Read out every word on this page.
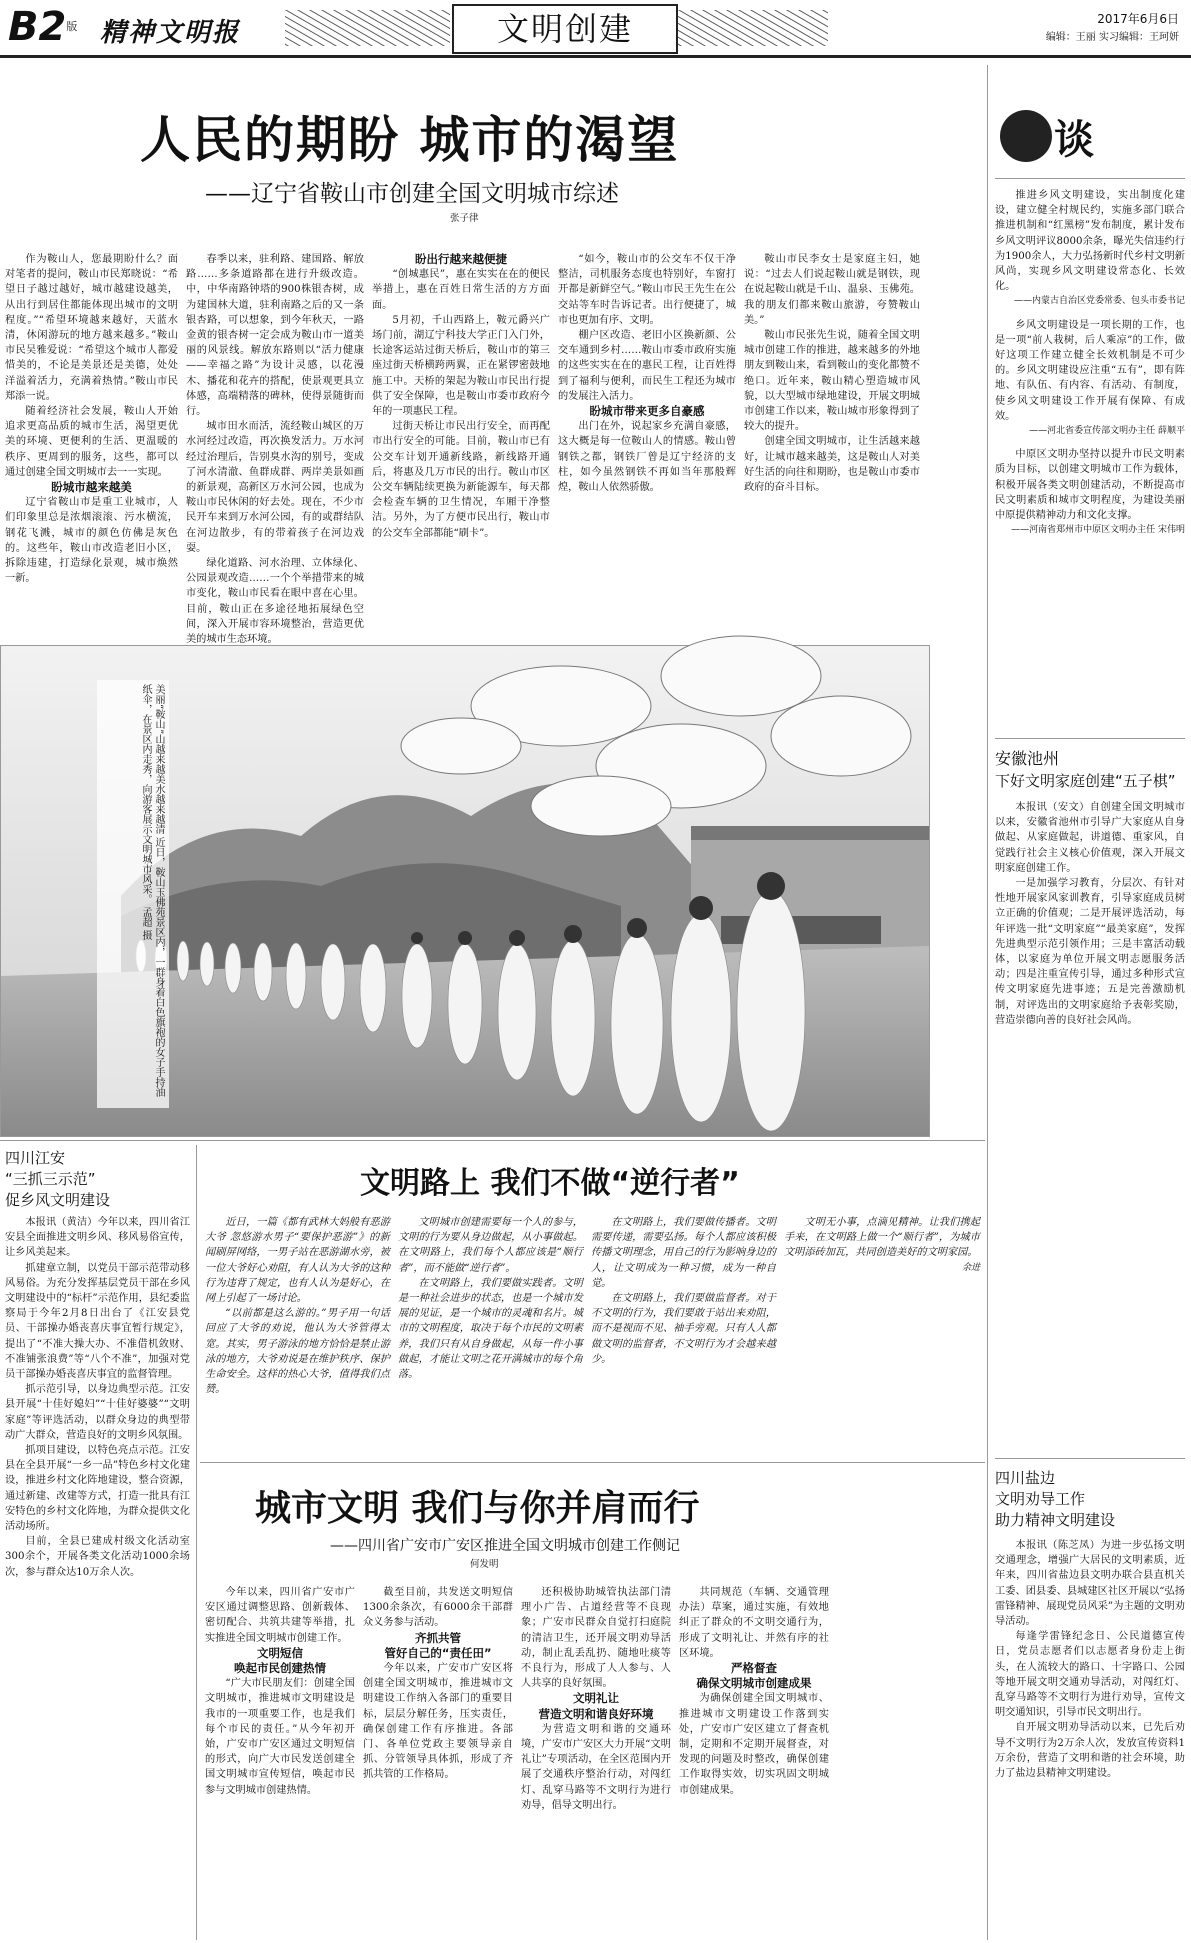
B2版 精神文明报	文明创建	2017年6月6日
编辑：王丽 实习编辑：王珂妍
人民的期盼 城市的渴望
——辽宁省鞍山市创建全国文明城市综述
张子律

作为鞍山人，您最期盼什么？面对笔者的提问，鞍山市民郑晓说：“希望日子越过越好，城市越建设越美，从出行到居住都能体现出城市的文明程度。”“希望环境越来越好，天蓝水清，休闲游玩的地方越来越多。”鞍山市民吴雅爱说：“希望这个城市人都爱惜美的，不论是美景还是美德，处处洋溢着活力，充满着热情。”鞍山市民郑添一说。

随着经济社会发展，鞍山人开始追求更高品质的城市生活，渴望更优美的环境、更便利的生活、更温暖的秩序、更周到的服务，这些，都可以通过创建全国文明城市去一一实现。

盼城市越来越美

辽宁省鞍山市是重工业城市，人们印象里总是浓烟滚滚、污水横流，钢花飞溅，城市的颜色仿佛是灰色的。这些年，鞍山市改造老旧小区，拆除违建，打造绿化景观，城市焕然一新。

春季以来，驻利路、建国路、解放路……多条道路都在进行升级改造。中，中华南路钟塔的900株银杏树，成为建国林大道，驻利南路之后的又一条银杏路，可以想象，到今年秋天，一路金黄的银杏树一定会成为鞍山市一道美丽的风景线。解放东路则以“活力健康——幸福之路”为设计灵感，以花漫木、播花和花卉的搭配，使景观更具立体感，高端精落的碑林，使得景随街而行。

城市田水而活，流经鞍山城区的万水河经过改造，再次换发活力。万水河经过治理后，告别臭水沟的别号，变成了河水清澈、鱼群成群、两岸美景如画的新景观，高新区万水河公园，也成为鞍山市民休闲的好去处。现在，不少市民开车来到万水河公园，有的或群结队在河边散步，有的带着孩子在河边戏耍。

绿化道路、河水治理、立体绿化、公园景观改造……一个个举措带来的城市变化，鞍山市民看在眼中喜在心里。目前，鞍山正在多途径地拓展绿色空间，深入开展市容环境整治，营造更优美的城市生态环境。

盼出行越来越便捷

“创城惠民”，惠在实实在在的便民举措上，惠在百姓日常生活的方方面面。

5月初，千山西路上，鞍元爵兴广场门前，湖辽宁科技大学正门入门外，长途客运站过街天桥后，鞍山市的第三座过街天桥横跨两翼，正在紧锣密鼓地施工中。天桥的架起为鞍山市民出行提供了安全保障，也是鞍山市委市政府今年的一项惠民工程。

过街天桥让市民出行安全，而再配市出行安全的可能。目前，鞍山市已有公交车计划开通新线路，新线路开通后，将惠及几万市民的出行。鞍山市区公交车辆陆续更换为新能源车，每天都会检查车辆的卫生情况，车厢干净整洁。另外，为了方便市民出行，鞍山市的公交车全部都能“刷卡”。

“如今，鞍山市的公交车不仅干净整洁，司机服务态度也特别好，车窗打开都是新鲜空气。”鞍山市民王先生在公交站等车时告诉记者。出行便捷了，城市也更加有序、文明。

棚户区改造、老旧小区换新颜、公交车通到乡村……鞍山市委市政府实施的这些实实在在的惠民工程，让百姓得到了福利与便利，而民生工程还为城市的发展注入活力。

盼城市带来更多自豪感

出门在外，说起家乡充满自豪感，这大概是每一位鞍山人的情感。鞍山曾钢铁之都，钢铁厂曾是辽宁经济的支柱，如今虽然钢铁不再如当年那般辉煌，鞍山人依然骄傲。

鞍山市民李女士是家庭主妇，她说：“过去人们说起鞍山就是钢铁，现在说起鞍山就是千山、温泉、玉佛苑。我的朋友们都来鞍山旅游，夸赞鞍山美。”

鞍山市民张先生说，随着全国文明城市创建工作的推进，越来越多的外地朋友到鞍山来，看到鞍山的变化都赞不绝口。近年来，鞍山精心塑造城市风貌，以大型城市绿地建设，开展文明城市创建工作以来，鞍山城市形象得到了较大的提升。

创建全国文明城市，让生活越来越好，让城市越来越美，这是鞍山人对美好生活的向往和期盼，也是鞍山市委市政府的奋斗目标。

美丽“鞍山”山越来越美水越来越清 近日，鞍山玉佛苑景区内，一群身着白色旗袍的女子手持油纸伞，在景区内走秀，向游客展示文明城市风采。 孟超 摄
谈

推进乡风文明建设，实出制度化建设，建立健全村规民约，实施多部门联合推进机制和“红黑榜”发布制度，累计发布乡风文明评议8000余条，曝光失信违约行为1900余人，大力弘扬新时代乡村文明新风尚，实现乡风文明建设常态化、长效化。

——内蒙古自治区党委常委、包头市委书记

乡风文明建设是一项长期的工作，也是一项“前人栽树，后人乘凉”的工作，做好这项工作建立健全长效机制是不可少的。乡风文明建设应注重“五有”，即有阵地、有队伍、有内容、有活动、有制度，使乡风文明建设工作开展有保障、有成效。

——河北省委宣传部文明办主任 薛顺平

中原区文明办坚持以提升市民文明素质为目标，以创建文明城市工作为载体，积极开展各类文明创建活动，不断提高市民文明素质和城市文明程度，为建设美丽中原提供精神动力和文化支撑。

——河南省郑州市中原区文明办主任 宋伟明

安徽池州
下好文明家庭创建“五子棋”

本报讯（安文）自创建全国文明城市以来，安徽省池州市引导广大家庭从自身做起、从家庭做起，讲道德、重家风，自觉践行社会主义核心价值观，深入开展文明家庭创建工作。

一是加强学习教育，分层次、有针对性地开展家风家训教育，引导家庭成员树立正确的价值观；二是开展评选活动，每年评选一批“文明家庭”“最美家庭”，发挥先进典型示范引领作用；三是丰富活动载体，以家庭为单位开展文明志愿服务活动；四是注重宣传引导，通过多种形式宣传文明家庭先进事迹；五是完善激励机制，对评选出的文明家庭给予表彰奖励，营造崇德向善的良好社会风尚。

四川盐边
文明劝导工作
助力精神文明建设

本报讯（陈芝凤）为进一步弘扬文明交通理念，增强广大居民的文明素质，近年来，四川省盐边县文明办联合县直机关工委、团县委、县城建区社区开展以“弘扬雷锋精神、展现党员风采”为主题的文明劝导活动。

每逢学雷锋纪念日、公民道德宣传日，党员志愿者们以志愿者身份走上街头，在人流较大的路口、十字路口、公园等地开展文明交通劝导活动，对闯红灯、乱穿马路等不文明行为进行劝导，宣传文明交通知识，引导市民文明出行。

自开展文明劝导活动以来，已先后劝导不文明行为2万余人次，发放宣传资料1万余份，营造了文明和谐的社会环境，助力了盐边县精神文明建设。

四川江安
“三抓三示范”
促乡风文明建设

本报讯（黄洁）今年以来，四川省江安县全面推进文明乡风、移风易俗宣传，让乡风美起来。

抓建章立制，以党员干部示范带动移风易俗。为充分发挥基层党员干部在乡风文明建设中的“标杆”示范作用，县纪委监察局于今年2月8日出台了《江安县党员、干部操办婚丧喜庆事宜暂行规定》，提出了“不准大操大办、不准借机敛财、不准铺张浪费”等“八个不准”，加强对党员干部操办婚丧喜庆事宜的监督管理。

抓示范引导，以身边典型示范。江安县开展“十佳好媳妇”“十佳好婆婆”“文明家庭”等评选活动，以群众身边的典型带动广大群众，营造良好的文明乡风氛围。

抓项目建设，以特色亮点示范。江安县在全县开展“一乡一品”特色乡村文化建设，推进乡村文化阵地建设，整合资源，通过新建、改建等方式，打造一批具有江安特色的乡村文化阵地，为群众提供文化活动场所。

目前，全县已建成村级文化活动室300余个，开展各类文化活动1000余场次，参与群众达10万余人次。

文明路上 我们不做“逆行者”

近日，一篇《都有武林大妈般有恶游大爷 忽悠游水男子“要保护恶游”》的新闻刷屏网络，一男子站在恶游湖水旁，被一位大爷好心劝阻，有人认为大爷的这种行为违背了规定，也有人认为是好心，在网上引起了一场讨论。

“以前都是这么游的。”男子用一句话回应了大爷的劝说，他认为大爷管得太宽。其实，男子游泳的地方恰恰是禁止游泳的地方，大爷劝说是在维护秩序、保护生命安全。这样的热心大爷，值得我们点赞。

文明城市创建需要每一个人的参与，文明的行为要从身边做起，从小事做起。在文明路上，我们每个人都应该是“顺行者”，而不能做“逆行者”。

在文明路上，我们要做实践者。文明是一种社会进步的状态，也是一个城市发展的见证，是一个城市的灵魂和名片。城市的文明程度，取决于每个市民的文明素养，我们只有从自身做起，从每一件小事做起，才能让文明之花开满城市的每个角落。

在文明路上，我们要做传播者。文明需要传递，需要弘扬。每个人都应该积极传播文明理念，用自己的行为影响身边的人，让文明成为一种习惯，成为一种自觉。

在文明路上，我们要做监督者。对于不文明的行为，我们要敢于站出来劝阻，而不是视而不见、袖手旁观。只有人人都做文明的监督者，不文明行为才会越来越少。

文明无小事，点滴见精神。让我们携起手来，在文明路上做一个“顺行者”，为城市文明添砖加瓦，共同创造美好的文明家园。

余进

城市文明 我们与你并肩而行
——四川省广安市广安区推进全国文明城市创建工作侧记
何发明

今年以来，四川省广安市广安区通过调整思路、创新载体、密切配合、共筑共建等举措，扎实推进全国文明城市创建工作。

文明短信
唤起市民创建热情

“广大市民朋友们：创建全国文明城市，推进城市文明建设是我市的一项重要工作，也是我们每个市民的责任。”从今年初开始，广安市广安区通过文明短信的形式，向广大市民发送创建全国文明城市宣传短信，唤起市民参与文明城市创建热情。

截至目前，共发送文明短信1300余条次，有6000余干部群众义务参与活动。

齐抓共管
管好自己的“责任田”

今年以来，广安市广安区将创建全国文明城市，推进城市文明建设工作纳入各部门的重要目标，层层分解任务，压实责任，确保创建工作有序推进。各部门、各单位党政主要领导亲自抓、分管领导具体抓，形成了齐抓共管的工作格局。

还积极协助城管执法部门清理小广告、占道经营等不良现象；广安市民群众自觉打扫庭院的清洁卫生，还开展文明劝导活动，制止乱丢乱扔、随地吐痰等不良行为，形成了人人参与、人人共享的良好氛围。

文明礼让
营造文明和谐良好环境

为营造文明和谐的交通环境，广安市广安区大力开展“文明礼让”专项活动，在全区范围内开展了交通秩序整治行动，对闯红灯、乱穿马路等不文明行为进行劝导，倡导文明出行。

共同规范（车辆、交通管理办法）草案，通过实施，有效地纠正了群众的不文明交通行为，形成了文明礼让、并然有序的社区环境。

严格督查
确保文明城市创建成果

为确保创建全国文明城市、推进城市文明建设工作落到实处，广安市广安区建立了督查机制，定期和不定期开展督查，对发现的问题及时整改，确保创建工作取得实效，切实巩固文明城市创建成果。
